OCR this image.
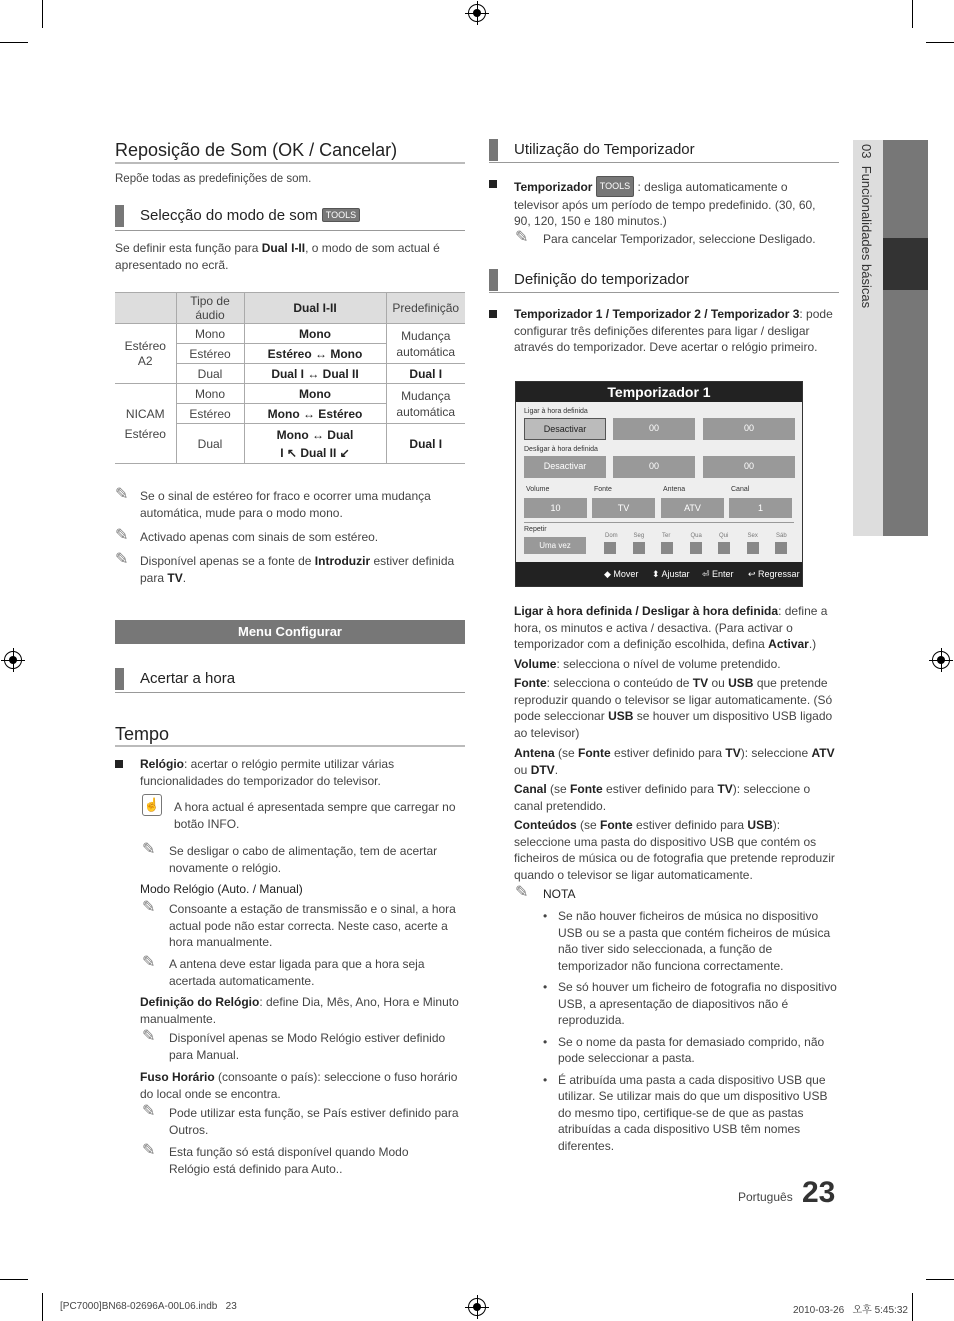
Reposição de Som (OK / Cancelar)
Repõe todas as predefinições de som.
Selecção do modo de som TOOLS
Se definir esta função para Dual I-II, o modo de som actual é apresentado no ecrã.
	Tipo de áudio	Dual I-II	Predefinição
Estéreo A2	Mono	Mono	Mudança automática
	Estéreo	Estéreo ↔ Mono	
	Dual	Dual I ↔ Dual II	Dual I
NICAM Estéreo	Mono	Mono	Mudança automática
	Estéreo	Mono ↔ Estéreo	
	Dual	Mono ↔ Dual I ↖ Dual II ↙	Dual I
✎ Se o sinal de estéreo for fraco e ocorrer uma mudança automática, mude para o modo mono.
✎ Activado apenas com sinais de som estéreo.
✎ Disponível apenas se a fonte de Introduzir estiver definida para TV.
Menu Configurar
Acertar a hora
Tempo
Relógio: acertar o relógio permite utilizar várias funcionalidades do temporizador do televisor.
☝ A hora actual é apresentada sempre que carregar no botão INFO.
✎ Se desligar o cabo de alimentação, tem de acertar novamente o relógio.
Modo Relógio (Auto. / Manual)
✎ Consoante a estação de transmissão e o sinal, a hora actual pode não estar correcta. Neste caso, acerte a hora manualmente.
✎ A antena deve estar ligada para que a hora seja acertada automaticamente.
Definição do Relógio: define Dia, Mês, Ano, Hora e Minuto manualmente.
✎ Disponível apenas se Modo Relógio estiver definido para Manual.
Fuso Horário (consoante o país): seleccione o fuso horário do local onde se encontra.
✎ Pode utilizar esta função, se País estiver definido para Outros.
✎ Esta função só está disponível quando Modo Relógio está definido para Auto..
Utilização do Temporizador
Temporizador TOOLS : desliga automaticamente o televisor após um período de tempo predefinido. (30, 60, 90, 120, 150 e 180 minutos.)
✎ Para cancelar Temporizador, seleccione Desligado.
Definição do temporizador
Temporizador 1 / Temporizador 2 / Temporizador 3: pode configurar três definições diferentes para ligar / desligar através do temporizador. Deve acertar o relógio primeiro.
Temporizador 1
Ligar à hora definida
Desactivar	00	00
Desligar à hora definida
Desactivar	00	00
Volume	Fonte	Antena	Canal
10	TV	ATV	1
Repetir
Uma vez
Dom	Seg	Ter	Qua	Qui	Sex	Sáb
◆ Mover ⬍ Ajustar ⏎ Enter ↩ Regressar
Ligar à hora definida / Desligar à hora definida: define a hora, os minutos e activa / desactiva. (Para activar o temporizador com a definição escolhida, defina Activar.)
Volume: selecciona o nível de volume pretendido.
Fonte: selecciona o conteúdo de TV ou USB que pretende reproduzir quando o televisor se ligar automaticamente. (Só pode seleccionar USB se houver um dispositivo USB ligado ao televisor)
Antena (se Fonte estiver definido para TV): seleccione ATV ou DTV.
Canal (se Fonte estiver definido para TV): seleccione o canal pretendido.
Conteúdos (se Fonte estiver definido para USB): seleccione uma pasta do dispositivo USB que contém os ficheiros de música ou de fotografia que pretende reproduzir quando o televisor se ligar automaticamente.
✎ NOTA
• Se não houver ficheiros de música no dispositivo USB ou se a pasta que contém ficheiros de música não tiver sido seleccionada, a função de temporizador não funciona correctamente.
• Se só houver um ficheiro de fotografia no dispositivo USB, a apresentação de diapositivos não é reproduzida.
• Se o nome da pasta for demasiado comprido, não pode seleccionar a pasta.
• É atribuída uma pasta a cada dispositivo USB que utilizar. Se utilizar mais do que um dispositivo USB do mesmo tipo, certifique-se de que as pastas atribuídas a cada dispositivo USB têm nomes diferentes.
03  Funcionalidades básicas
Português 23
[PC7000]BN68-02696A-00L06.indb   23	2010-03-26   오후 5:45:32
